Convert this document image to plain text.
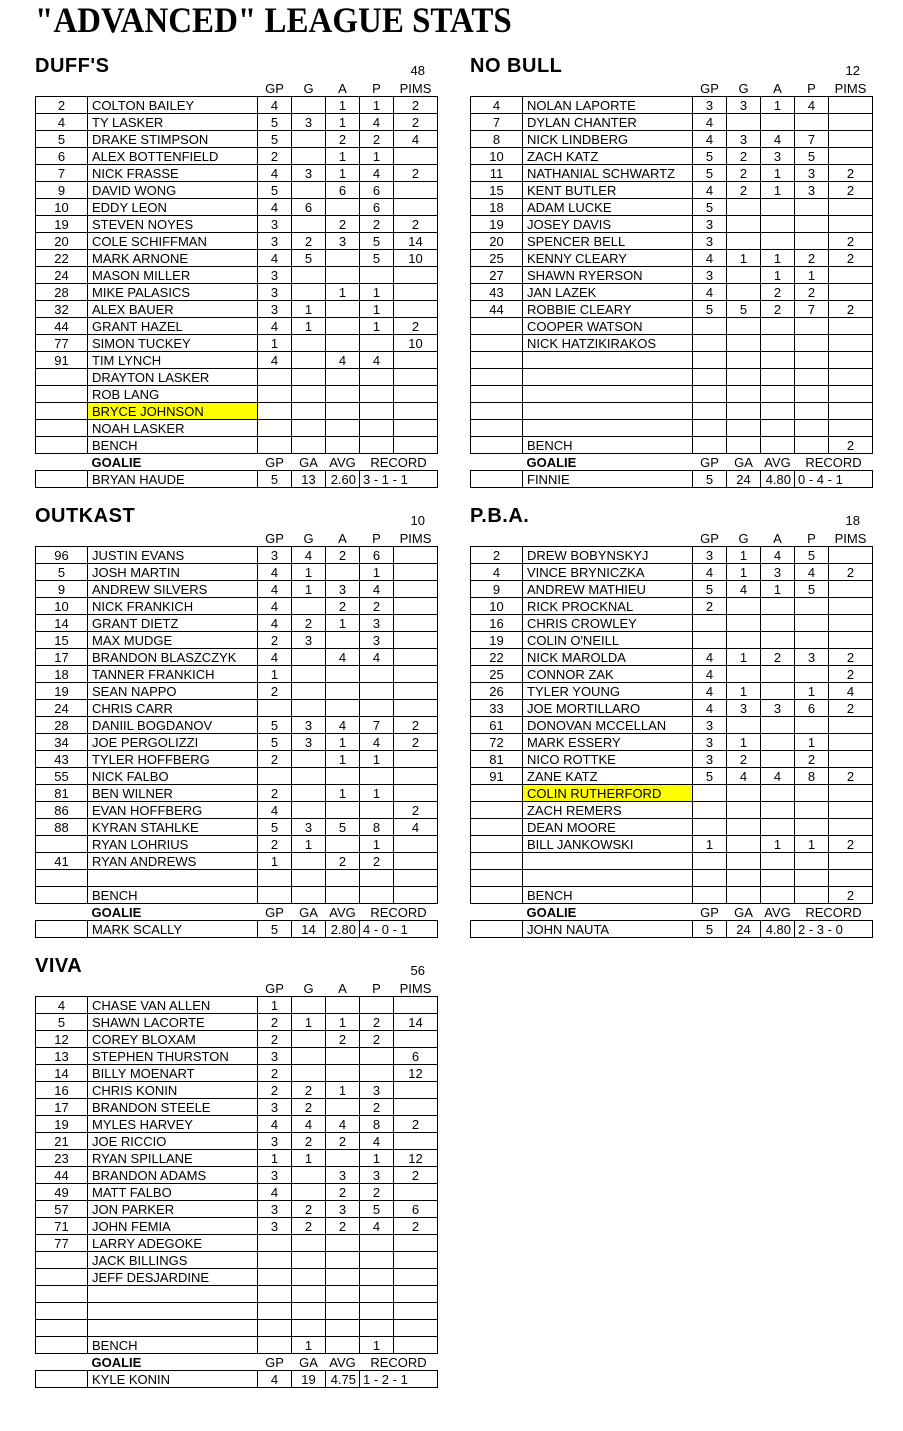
"ADVANCED" LEAGUE STATS
DUFF'S	48
		GP	G	A	P	PIMS
2	COLTON BAILEY	4		1	1	2
4	TY LASKER	5	3	1	4	2
5	DRAKE STIMPSON	5		2	2	4
6	ALEX BOTTENFIELD	2		1	1	
7	NICK FRASSE	4	3	1	4	2
9	DAVID WONG	5		6	6	
10	EDDY LEON	4	6		6	
19	STEVEN NOYES	3		2	2	2
20	COLE SCHIFFMAN	3	2	3	5	14
22	MARK ARNONE	4	5		5	10
24	MASON MILLER	3				
28	MIKE PALASICS	3		1	1	
32	ALEX BAUER	3	1		1	
44	GRANT HAZEL	4	1		1	2
77	SIMON TUCKEY	1				10
91	TIM LYNCH	4		4	4	
	DRAYTON LASKER					
	ROB LANG					
	BRYCE JOHNSON					
	NOAH LASKER					
	BENCH					
	GOALIE	GP	GA	AVG	RECORD	
	BRYAN HAUDE	5	13	2.60	3 - 1 - 1	
NO BULL	12
		GP	G	A	P	PIMS
4	NOLAN LAPORTE	3	3	1	4	
7	DYLAN CHANTER	4				
8	NICK LINDBERG	4	3	4	7	
10	ZACH KATZ	5	2	3	5	
11	NATHANIAL SCHWARTZ	5	2	1	3	2
15	KENT BUTLER	4	2	1	3	2
18	ADAM LUCKE	5				
19	JOSEY DAVIS	3				
20	SPENCER BELL	3				2
25	KENNY CLEARY	4	1	1	2	2
27	SHAWN RYERSON	3		1	1	
43	JAN LAZEK	4		2	2	
44	ROBBIE CLEARY	5	5	2	7	2
	COOPER WATSON					
	NICK HATZIKIRAKOS					

	BENCH					2
	GOALIE	GP	GA	AVG	RECORD	
	FINNIE	5	24	4.80	0 - 4 - 1	
OUTKAST	10
		GP	G	A	P	PIMS
96	JUSTIN EVANS	3	4	2	6	
5	JOSH MARTIN	4	1		1	
9	ANDREW SILVERS	4	1	3	4	
10	NICK FRANKICH	4		2	2	
14	GRANT DIETZ	4	2	1	3	
15	MAX MUDGE	2	3		3	
17	BRANDON BLASZCZYK	4		4	4	
18	TANNER FRANKICH	1				
19	SEAN NAPPO	2				
24	CHRIS CARR					
28	DANIIL BOGDANOV	5	3	4	7	2
34	JOE PERGOLIZZI	5	3	1	4	2
43	TYLER HOFFBERG	2		1	1	
55	NICK FALBO					
81	BEN WILNER	2		1	1	
86	EVAN HOFFBERG	4				2
88	KYRAN STAHLKE	5	3	5	8	4
	RYAN LOHRIUS	2	1		1	
41	RYAN ANDREWS	1		2	2	

	BENCH					
	GOALIE	GP	GA	AVG	RECORD	
	MARK SCALLY	5	14	2.80	4 - 0 - 1	
P.B.A.	18
		GP	G	A	P	PIMS
2	DREW BOBYNSKYJ	3	1	4	5	
4	VINCE BRYNICZKA	4	1	3	4	2
9	ANDREW MATHIEU	5	4	1	5	
10	RICK PROCKNAL	2				
16	CHRIS CROWLEY					
19	COLIN O'NEILL					
22	NICK MAROLDA	4	1	2	3	2
25	CONNOR ZAK	4				2
26	TYLER YOUNG	4	1		1	4
33	JOE MORTILLARO	4	3	3	6	2
61	DONOVAN MCCELLAN	3				
72	MARK ESSERY	3	1		1	
81	NICO ROTTKE	3	2		2	
91	ZANE KATZ	5	4	4	8	2
	COLIN RUTHERFORD					
	ZACH REMERS					
	DEAN MOORE					
	BILL JANKOWSKI	1		1	1	2

	BENCH					2
	GOALIE	GP	GA	AVG	RECORD	
	JOHN NAUTA	5	24	4.80	2 - 3 - 0	
VIVA	56
		GP	G	A	P	PIMS
4	CHASE VAN ALLEN	1				
5	SHAWN LACORTE	2	1	1	2	14
12	COREY BLOXAM	2		2	2	
13	STEPHEN THURSTON	3				6
14	BILLY MOENART	2				12
16	CHRIS KONIN	2	2	1	3	
17	BRANDON STEELE	3	2		2	
19	MYLES HARVEY	4	4	4	8	2
21	JOE RICCIO	3	2	2	4	
23	RYAN SPILLANE	1	1		1	12
44	BRANDON ADAMS	3		3	3	2
49	MATT FALBO	4		2	2	
57	JON PARKER	3	2	3	5	6
71	JOHN FEMIA	3	2	2	4	2
77	LARRY ADEGOKE					
	JACK BILLINGS					
	JEFF DESJARDINE					

	BENCH		1		1	
	GOALIE	GP	GA	AVG	RECORD	
	KYLE KONIN	4	19	4.75	1 - 2 - 1	
